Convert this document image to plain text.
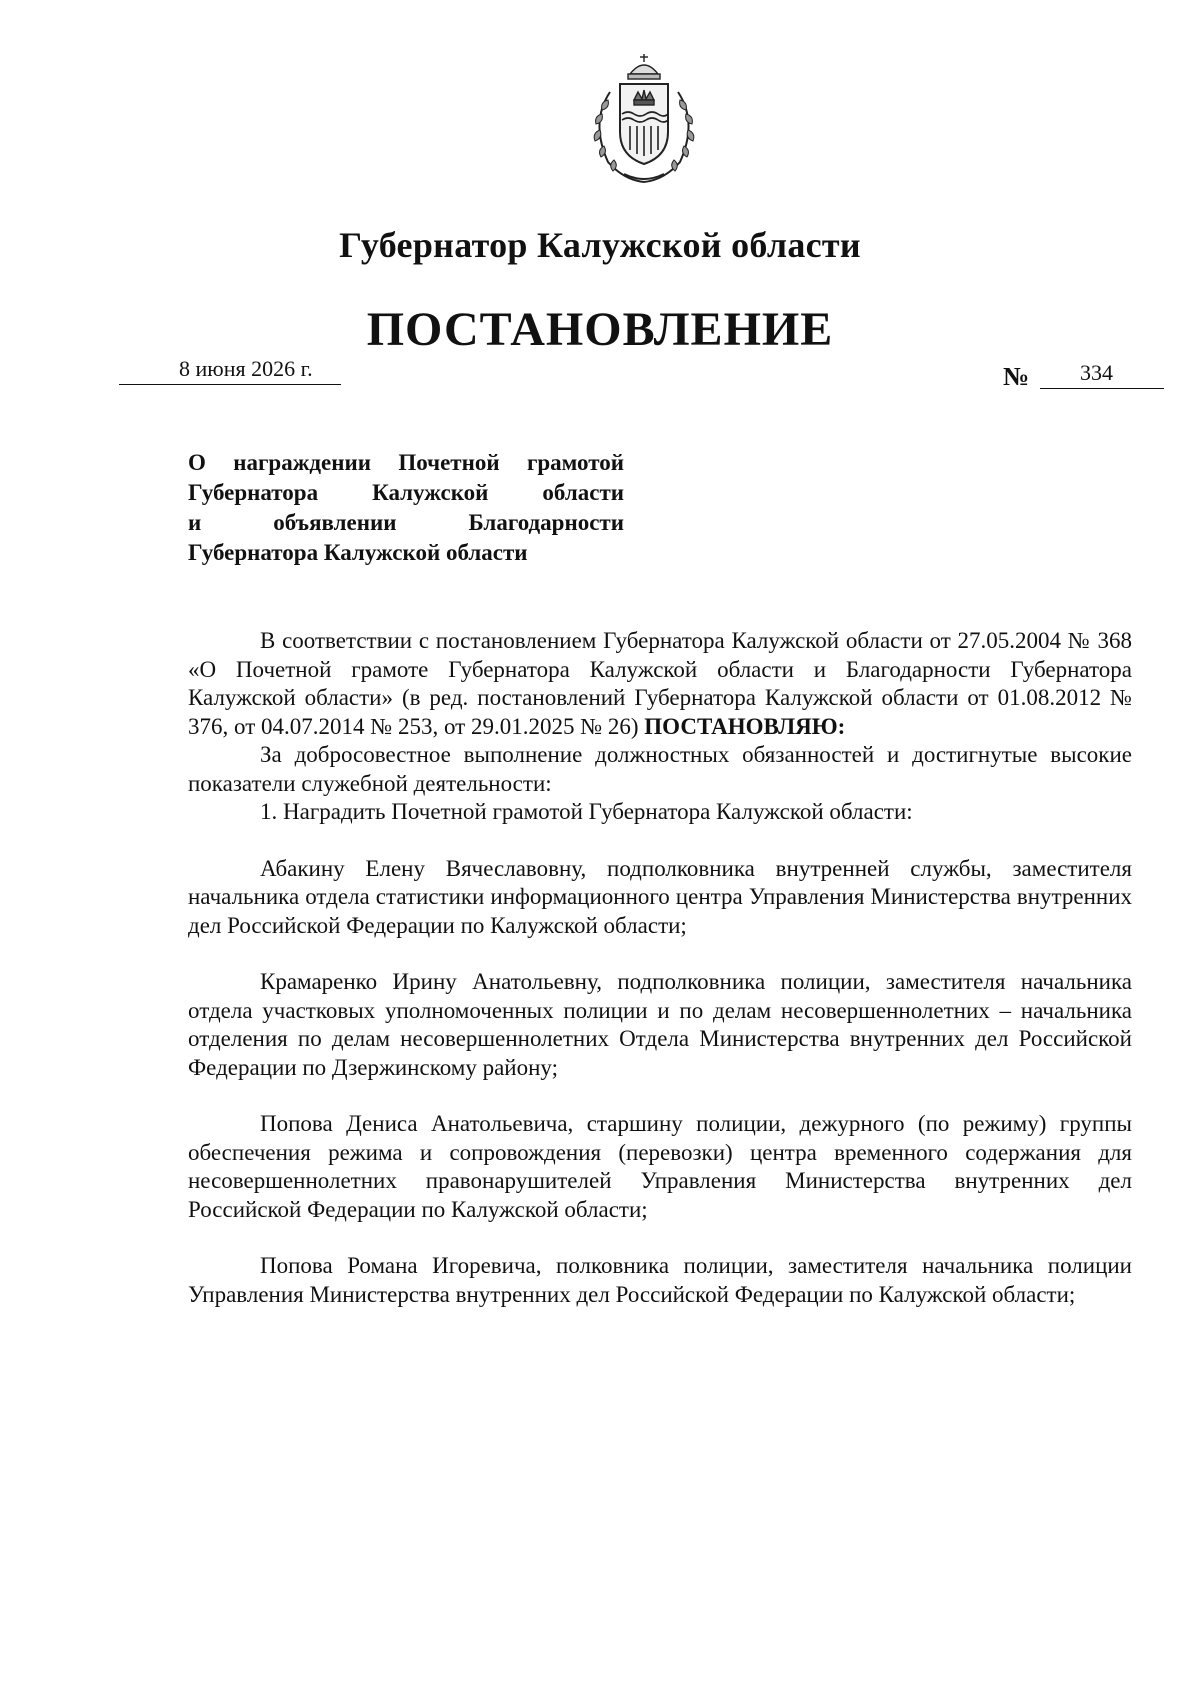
Губернатор Калужской области
ПОСТАНОВЛЕНИЕ
8 июня 2026 г.	№ 334
О награждении Почетной грамотой
Губернатора Калужской области
и объявлении Благодарности
Губернатора Калужской области

В соответствии с постановлением Губернатора Калужской области от 27.05.2004 № 368 «О Почетной грамоте Губернатора Калужской области и Благодарности Губернатора Калужской области» (в ред. постановлений Губернатора Калужской области от 01.08.2012 № 376, от 04.07.2014 № 253, от 29.01.2025 № 26) ПОСТАНОВЛЯЮ:

За добросовестное выполнение должностных обязанностей и достигнутые высокие показатели служебной деятельности:

1. Наградить Почетной грамотой Губернатора Калужской области:

Абакину Елену Вячеславовну, подполковника внутренней службы, заместителя начальника отдела статистики информационного центра Управления Министерства внутренних дел Российской Федерации по Калужской области;

Крамаренко Ирину Анатольевну, подполковника полиции, заместителя начальника отдела участковых уполномоченных полиции и по делам несовершеннолетних – начальника отделения по делам несовершеннолетних Отдела Министерства внутренних дел Российской Федерации по Дзержинскому району;

Попова Дениса Анатольевича, старшину полиции, дежурного (по режиму) группы обеспечения режима и сопровождения (перевозки) центра временного содержания для несовершеннолетних правонарушителей Управления Министерства внутренних дел Российской Федерации по Калужской области;

Попова Романа Игоревича, полковника полиции, заместителя начальника полиции Управления Министерства внутренних дел Российской Федерации по Калужской области;
